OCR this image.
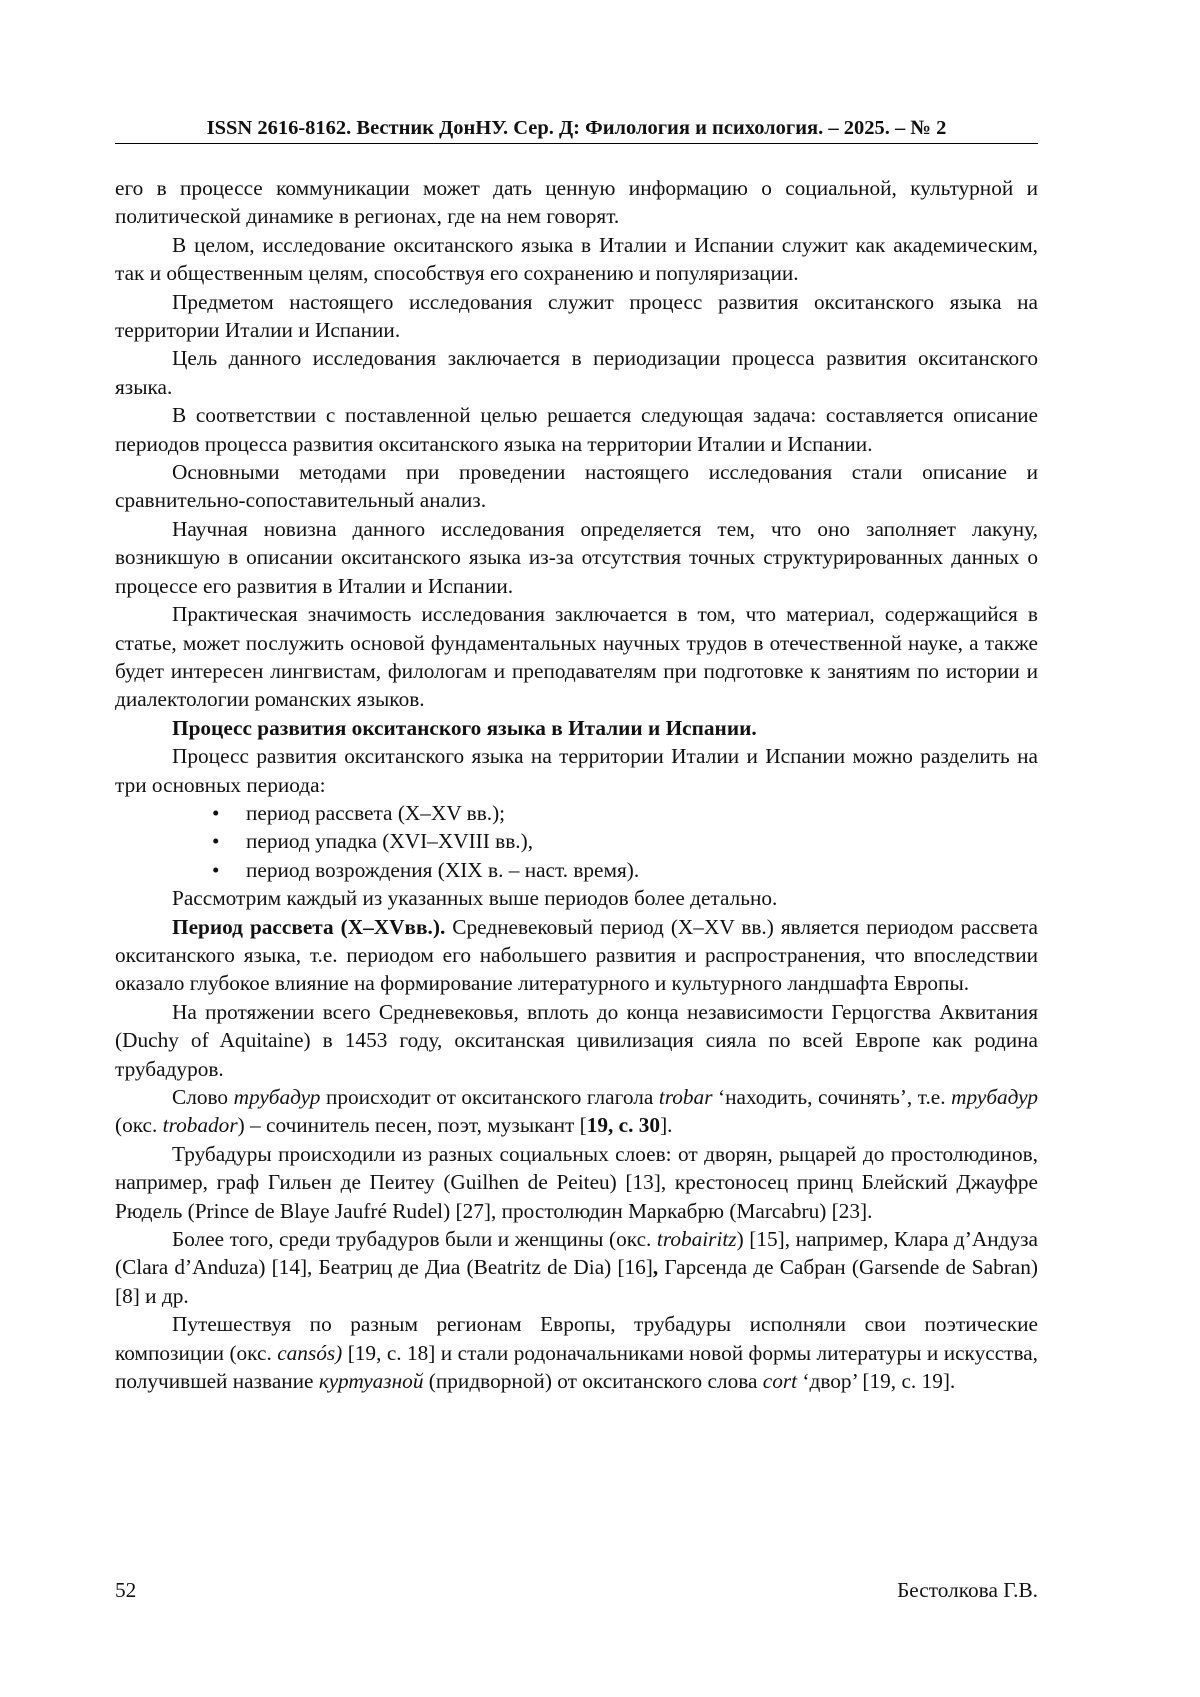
ISSN 2616-8162. Вестник ДонНУ. Сер. Д: Филология и психология. – 2025. – № 2

его в процессе коммуникации может дать ценную информацию о социальной, культурной и политической динамике в регионах, где на нем говорят.

В целом, исследование окситанского языка в Италии и Испании служит как академическим, так и общественным целям, способствуя его сохранению и популяризации.

Предметом настоящего исследования служит процесс развития окситанского языка на территории Италии и Испании.

Цель данного исследования заключается в периодизации процесса развития окситанского языка.

В соответствии с поставленной целью решается следующая задача: составляется описание периодов процесса развития окситанского языка на территории Италии и Испании.

Основными методами при проведении настоящего исследования стали описание и сравнительно-сопоставительный анализ.

Научная новизна данного исследования определяется тем, что оно заполняет лакуну, возникшую в описании окситанского языка из-за отсутствия точных структурированных данных о процессе его развития в Италии и Испании.

Практическая значимость исследования заключается в том, что материал, содержащийся в статье, может послужить основой фундаментальных научных трудов в отечественной науке, а также будет интересен лингвистам, филологам и преподавателям при подготовке к занятиям по истории и диалектологии романских языков.

Процесс развития окситанского языка в Италии и Испании.

Процесс развития окситанского языка на территории Италии и Испании можно разделить на три основных периода:

• период рассвета (X–XV вв.);
• период упадка (XVI–XVIII вв.),
• период возрождения (XIX в. – наст. время).

Рассмотрим каждый из указанных выше периодов более детально.

Период рассвета (X–XVвв.). Средневековый период (X–XV вв.) является периодом рассвета окситанского языка, т.е. периодом его набольшего развития и распространения, что впоследствии оказало глубокое влияние на формирование литературного и культурного ландшафта Европы.

На протяжении всего Средневековья, вплоть до конца независимости Герцогства Аквитания (Duchy of Aquitaine) в 1453 году, окситанская цивилизация сияла по всей Европе как родина трубадуров.

Слово трубадур происходит от окситанского глагола trobar ‘находить, сочинять’, т.е. трубадур (окс. trobador) – сочинитель песен, поэт, музыкант [19, с. 30].

Трубадуры происходили из разных социальных слоев: от дворян, рыцарей до простолюдинов, например, граф Гильен де Пеитеу (Guilhen de Peiteu) [13], крестоносец принц Блейский Джауфре Рюдель (Prince de Blaye Jaufré Rudel) [27], простолюдин Маркабрю (Marcabru) [23].

Более того, среди трубадуров были и женщины (окс. trobairitz) [15], например, Клара д’Андуза (Clara d’Anduza) [14], Беатриц де Диа (Beatritz de Dia) [16], Гарсенда де Сабран (Garsende de Sabran) [8] и др.

Путешествуя по разным регионам Европы, трубадуры исполняли свои поэтические композиции (окс. cansós) [19, с. 18] и стали родоначальниками новой формы литературы и искусства, получившей название куртуазной (придворной) от окситанского слова cort ‘двор’ [19, с. 19].

52	Бестолкова Г.В.
